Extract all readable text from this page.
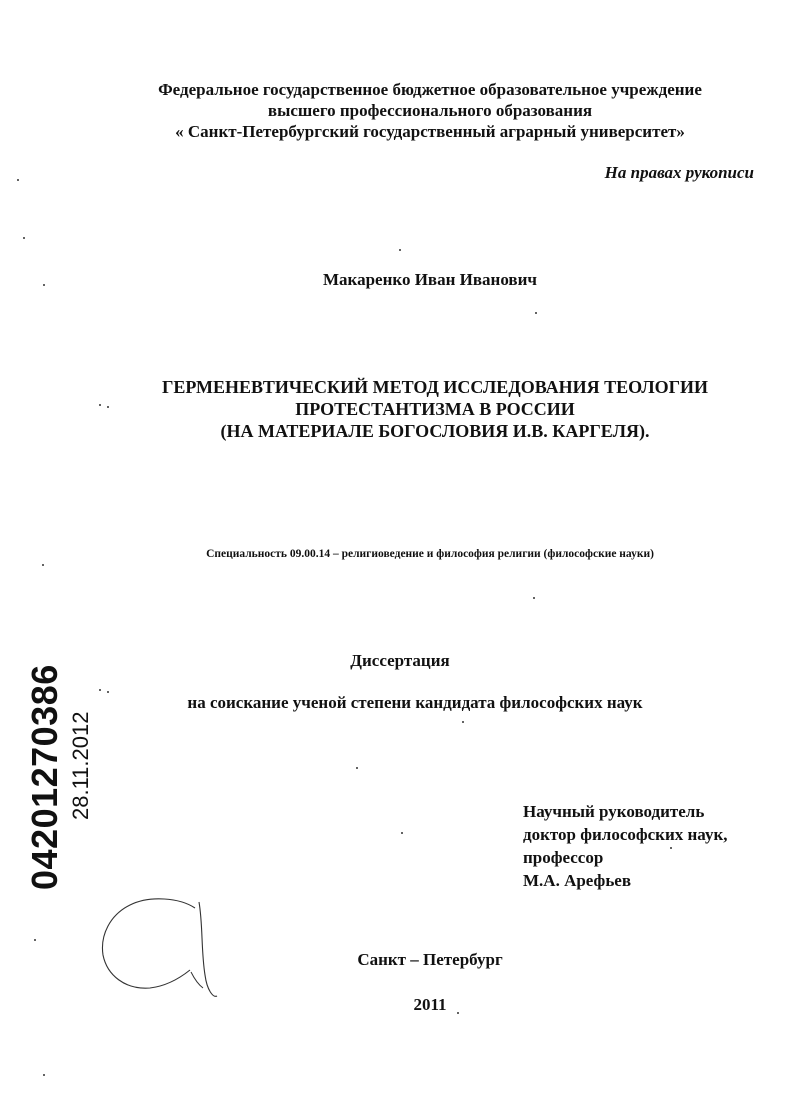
Федеральное государственное бюджетное образовательное учреждение
высшего профессионального образования
« Санкт-Петербургский государственный аграрный университет»
На правах рукописи
Макаренко Иван Иванович
ГЕРМЕНЕВТИЧЕСКИЙ МЕТОД ИССЛЕДОВАНИЯ ТЕОЛОГИИ
ПРОТЕСТАНТИЗМА В РОССИИ
(НА МАТЕРИАЛЕ БОГОСЛОВИЯ И.В. КАРГЕЛЯ).
Специальность 09.00.14 – религиоведение и философия религии (философские науки)
Диссертация
на соискание ученой степени кандидата философских наук
Научный руководитель
доктор философских наук,
профессор
М.А. Арефьев
Санкт – Петербург
2011
04201270386 28.11.2012
